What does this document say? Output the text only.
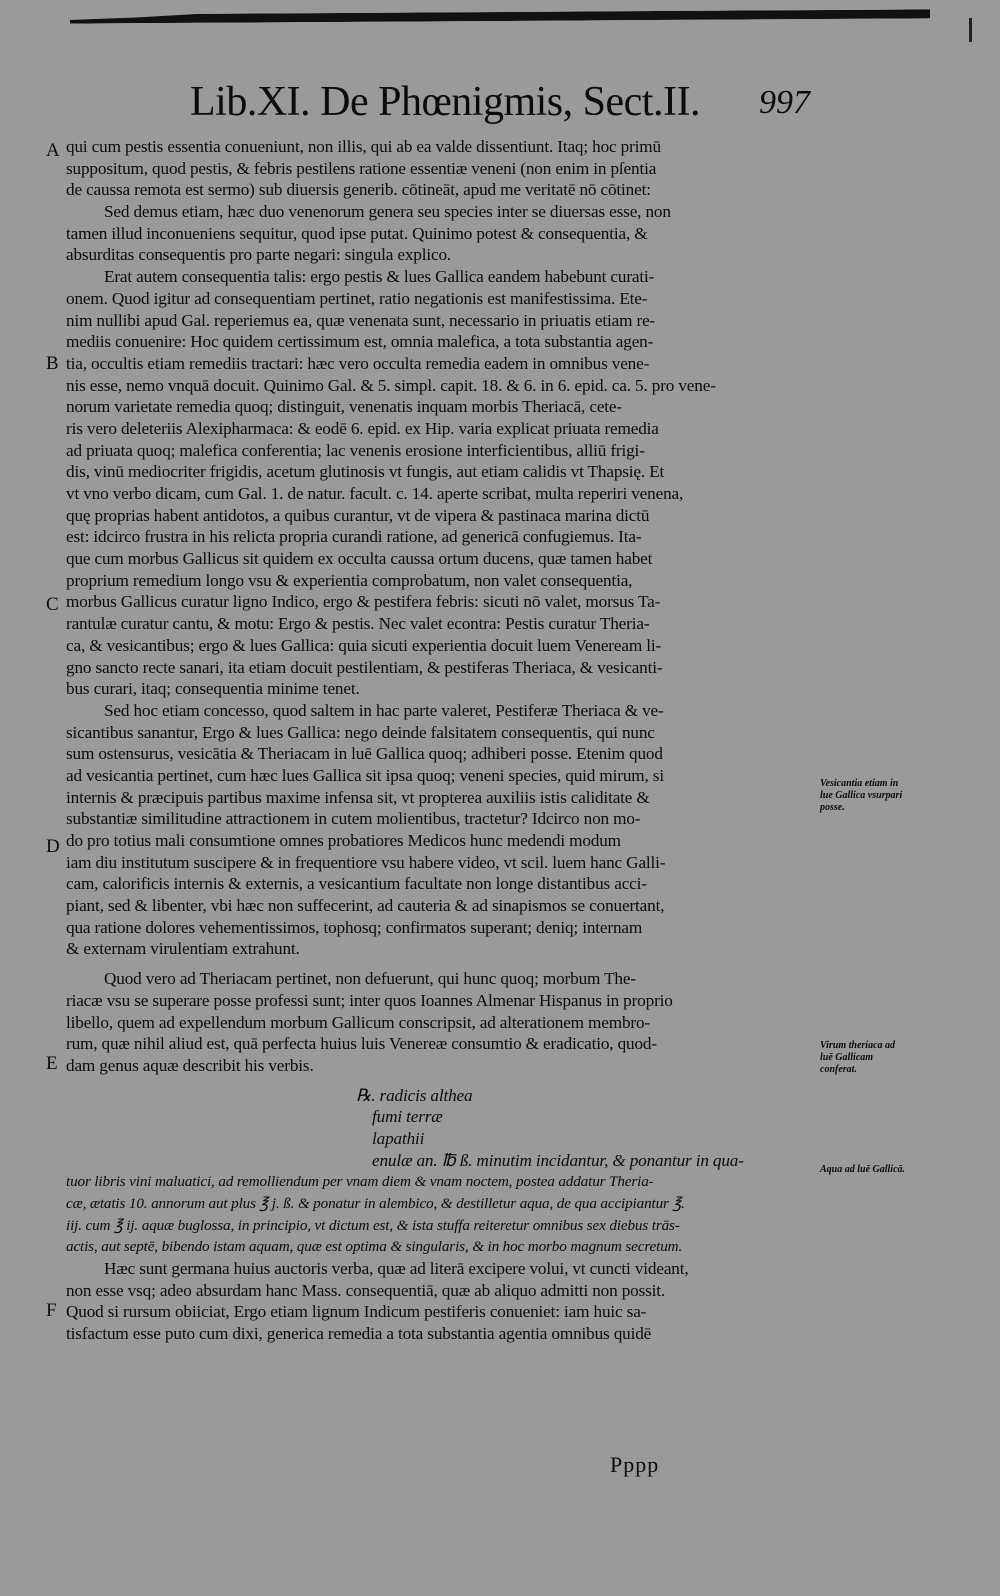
Lib.XI. De Phœnigmis, Sect.II. 997
A
B
C
D
E
F
Vesicantia etiam in lue Gallica vsurpari posse.
Virum theriaca ad luē Gallicam conferat.
Aqua ad luē Gallicā.
qui cum pestis essentia conueniunt, non illis, qui ab ea valde dissentiunt. Itaq; hoc primū
suppositum, quod pestis, & febris pestilens ratione essentiæ veneni (non enim in pſentia
de caussa remota est sermo) sub diuersis generib. cōtineāt, apud me veritatē nō cōtinet:
Sed demus etiam, hæc duo venenorum genera seu species inter se diuersas esse, non
tamen illud inconueniens sequitur, quod ipse putat. Quinimo potest & consequentia, &
absurditas consequentis pro parte negari: singula explico.
Erat autem consequentia talis: ergo pestis & lues Gallica eandem habebunt curati-
onem. Quod igitur ad consequentiam pertinet, ratio negationis est manifestissima. Ete-
nim nullibi apud Gal. reperiemus ea, quæ venenata sunt, necessario in priuatis etiam re-
mediis conuenire: Hoc quidem certissimum est, omnia malefica, a tota substantia agen-
tia, occultis etiam remediis tractari: hæc vero occulta remedia eadem in omnibus vene-
nis esse, nemo vnquā docuit. Quinimo Gal. & 5. simpl. capit. 18. & 6. in 6. epid. ca. 5. pro vene-
norum varietate remedia quoq; distinguit, venenatis inquam morbis Theriacā, cete-
ris vero deleteriis Alexipharmaca: & eodē 6. epid. ex Hip. varia explicat priuata remedia
ad priuata quoq; malefica conferentia; lac venenis erosione interficientibus, alliū frigi-
dis, vinū mediocriter frigidis, acetum glutinosis vt fungis, aut etiam calidis vt Thapsię. Et
vt vno verbo dicam, cum Gal. 1. de natur. facult. c. 14. aperte scribat, multa reperiri venena,
quę proprias habent antidotos, a quibus curantur, vt de vipera & pastinaca marina dictū
est: idcirco frustra in his relicta propria curandi ratione, ad genericā confugiemus. Ita-
que cum morbus Gallicus sit quidem ex occulta caussa ortum ducens, quæ tamen habet
proprium remedium longo vsu & experientia comprobatum, non valet consequentia,
morbus Gallicus curatur ligno Indico, ergo & pestifera febris: sicuti nō valet, morsus Ta-
rantulæ curatur cantu, & motu: Ergo & pestis. Nec valet econtra: Pestis curatur Theria-
ca, & vesicantibus; ergo & lues Gallica: quia sicuti experientia docuit luem Veneream li-
gno sancto recte sanari, ita etiam docuit pestilentiam, & pestiferas Theriaca, & vesicanti-
bus curari, itaq; consequentia minime tenet.
Sed hoc etiam concesso, quod saltem in hac parte valeret, Pestiferæ Theriaca & ve-
sicantibus sanantur, Ergo & lues Gallica: nego deinde falsitatem consequentis, qui nunc
sum ostensurus, vesicātia & Theriacam in luē Gallica quoq; adhiberi posse. Etenim quod
ad vesicantia pertinet, cum hæc lues Gallica sit ipsa quoq; veneni species, quid mirum, si
internis & præcipuis partibus maxime infensa sit, vt propterea auxiliis istis caliditate &
substantiæ similitudine attractionem in cutem molientibus, tractetur? Idcirco non mo-
do pro totius mali consumtione omnes probatiores Medicos hunc medendi modum
iam diu institutum suscipere & in frequentiore vsu habere video, vt scil. luem hanc Galli-
cam, calorificis internis & externis, a vesicantium facultate non longe distantibus acci-
piant, sed & libenter, vbi hæc non suffecerint, ad cauteria & ad sinapismos se conuertant,
qua ratione dolores vehementissimos, tophosq; confirmatos superant; deniq; internam
& externam virulentiam extrahunt.
Quod vero ad Theriacam pertinet, non defuerunt, qui hunc quoq; morbum The-
riacæ vsu se superare posse professi sunt; inter quos Ioannes Almenar Hispanus in proprio
libello, quem ad expellendum morbum Gallicum conscripsit, ad alterationem membro-
rum, quæ nihil aliud est, quā perfecta huius luis Venereæ consumtio & eradicatio, quod-
dam genus aquæ describit his verbis.
℞. radicis althea
fumi terræ
lapathii
enulæ an. ℔ ß. minutim incidantur, & ponantur in qua-
tuor libris vini maluatici, ad remolliendum per vnam diem & vnam noctem, postea addatur Theria-
cæ, ætatis 10. annorum aut plus ℥ j. ß. & ponatur in alembico, & destilletur aqua, de qua accipiantur ℥.
iij. cum ℥ ij. aquæ buglossa, in principio, vt dictum est, & ista stuffa reiteretur omnibus sex diebus trās-
actis, aut septē, bibendo istam aquam, quæ est optima & singularis, & in hoc morbo magnum secretum.
Hæc sunt germana huius auctoris verba, quæ ad literā excipere volui, vt cuncti videant,
non esse vsq; adeo absurdam hanc Mass. consequentiā, quæ ab aliquo admitti non possit.
Quod si rursum obiiciat, Ergo etiam lignum Indicum pestiferis conueniet: iam huic sa-
tisfactum esse puto cum dixi, generica remedia a tota substantia agentia omnibus quidē
Pppp
